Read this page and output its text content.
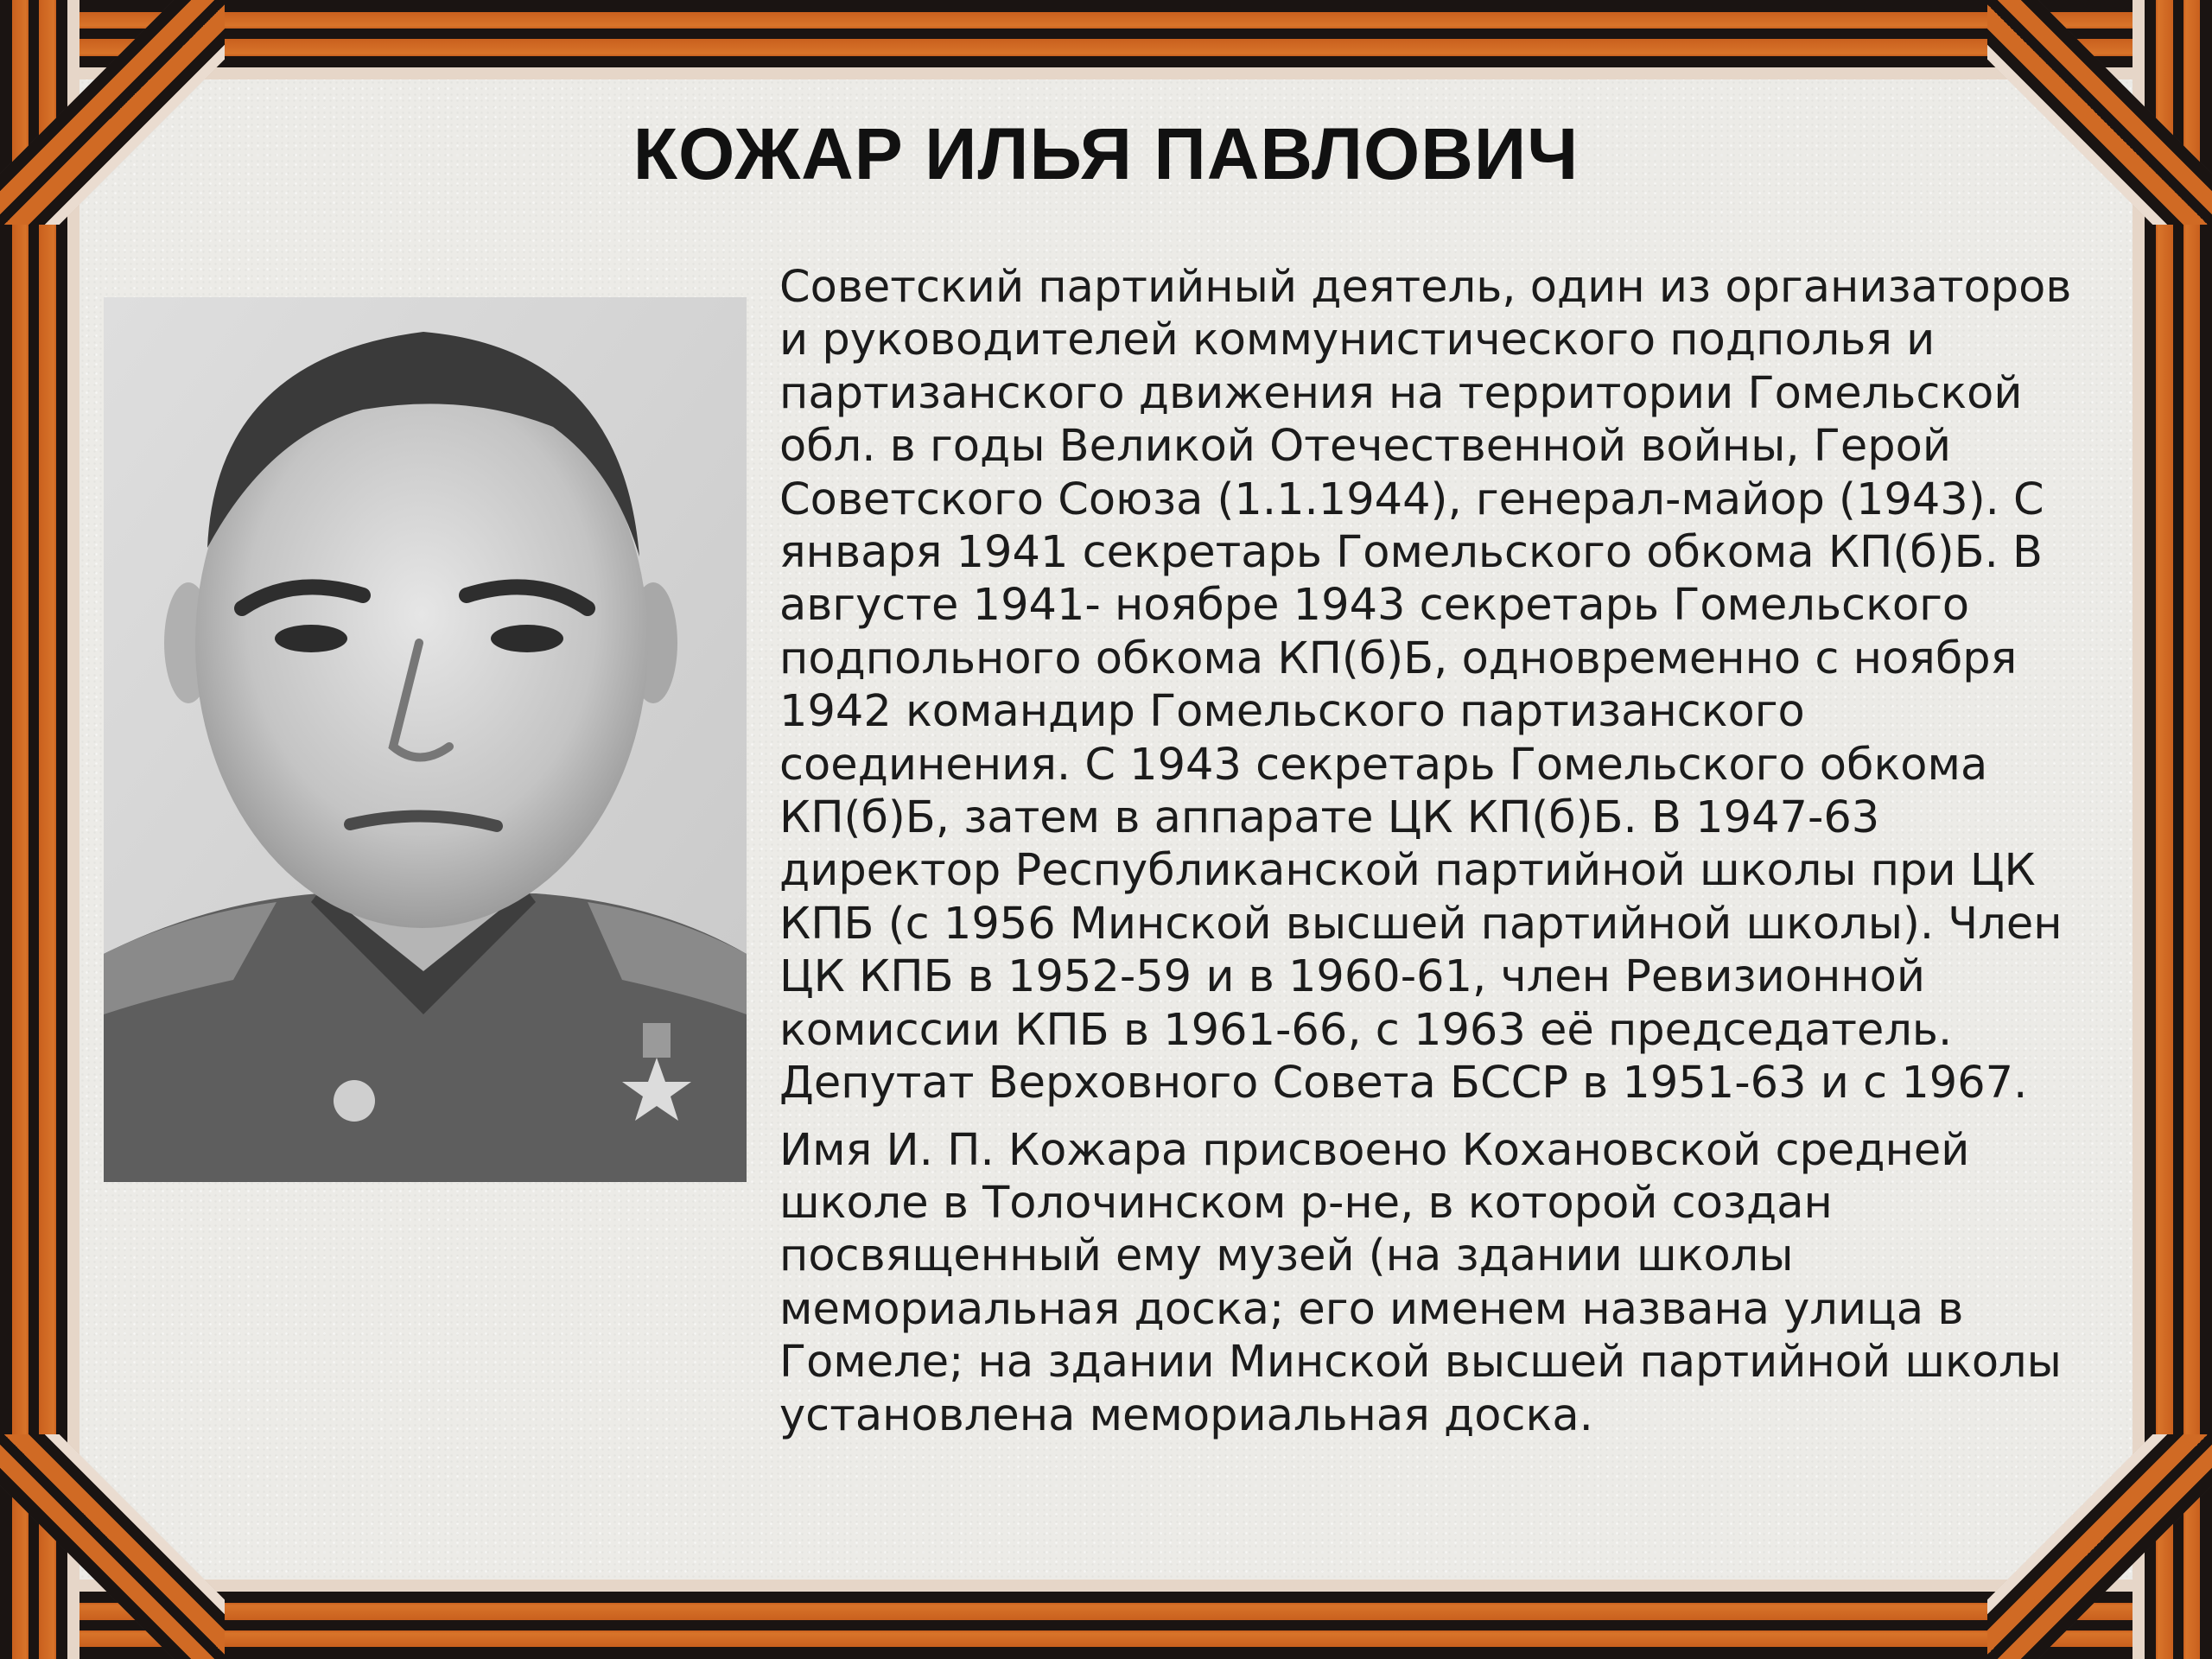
КОЖАР ИЛЬЯ ПАВЛОВИЧ

Советский партийный деятель, один из организаторов и руководителей коммунистического подполья и партизанского движения на территории Гомельской обл. в годы Великой Отечественной войны, Герой Советского Союза (1.1.1944), генерал-майор (1943). С января 1941 секретарь Гомельского обкома КП(б)Б. В августе 1941- ноябре 1943 секретарь Гомельского подпольного обкома КП(б)Б, одновременно с ноября 1942 командир Гомельского партизанского соединения. С 1943 секретарь Гомельского обкома КП(б)Б, затем в аппарате ЦК КП(б)Б. В 1947-63 директор Республиканской партийной школы при ЦК КПБ (с 1956 Минской высшей партийной школы). Член ЦК КПБ в 1952-59 и в 1960-61, член Ревизионной комиссии КПБ в 1961-66, с 1963 её председатель. Депутат Верховного Совета БССР в 1951-63 и с 1967.

Имя И. П. Кожара присвоено Кохановской средней школе в Толочинском р-не, в которой создан посвященный ему музей (на здании школы мемориальная доска; его именем названа улица в Гомеле; на здании Минской высшей партийной школы установлена мемориальная доска.
